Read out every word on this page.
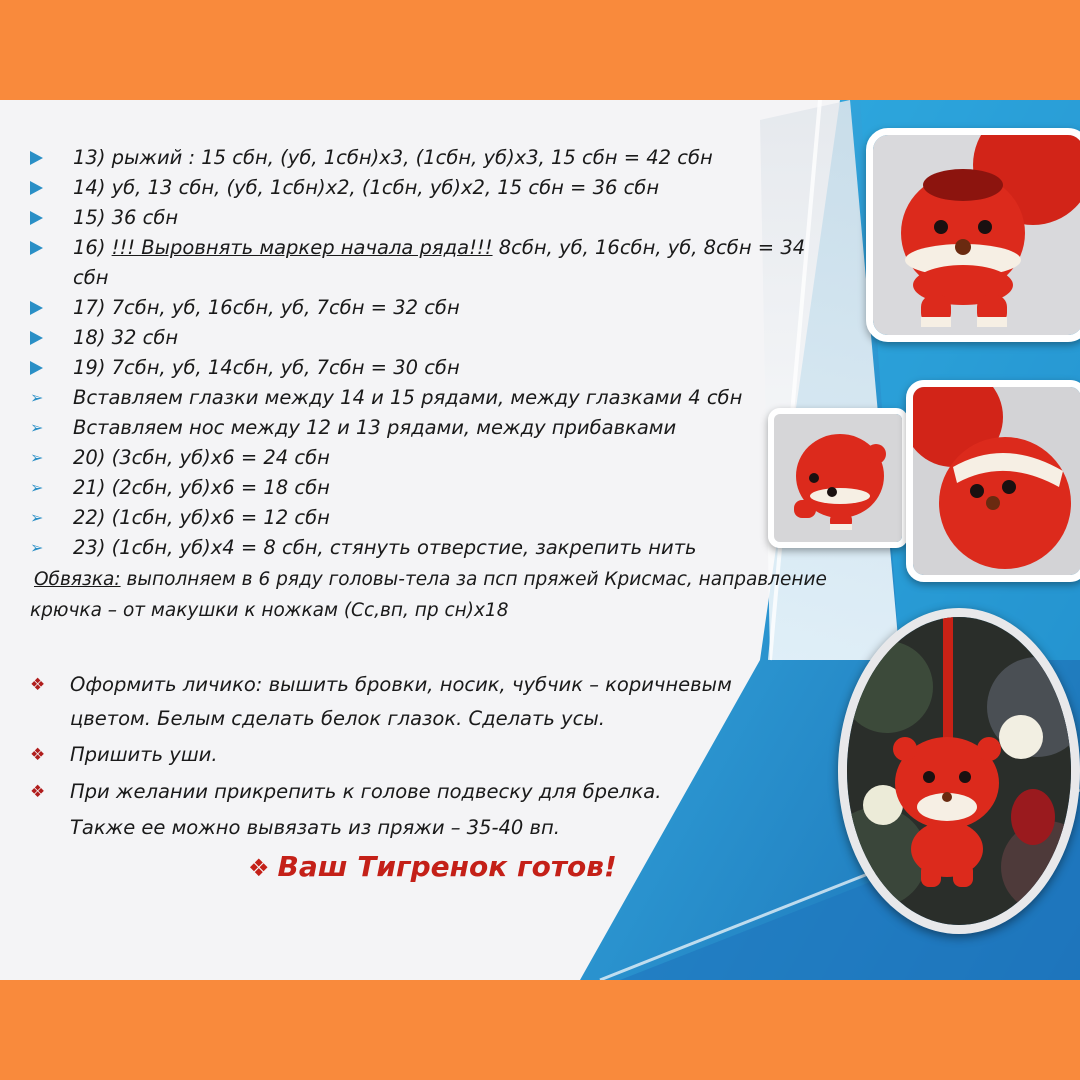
13) рыжий : 15 сбн, (уб, 1сбн)х3, (1сбн, уб)х3, 15 сбн = 42 сбн
14) уб, 13 сбн, (уб, 1сбн)х2, (1сбн, уб)х2, 15 сбн = 36 сбн
15) 36 сбн
16) !!! Выровнять маркер начала ряда!!! 8сбн, уб, 16сбн, уб, 8сбн = 34
сбн
17) 7сбн, уб, 16сбн, уб, 7сбн = 32 сбн
18) 32 сбн
19) 7сбн, уб, 14сбн, уб, 7сбн = 30 сбн
➢ Вставляем глазки между 14 и 15 рядами, между глазками 4 сбн
➢ Вставляем нос между 12 и 13 рядами, между прибавками
➢ 20) (3сбн, уб)х6 = 24 сбн
➢ 21) (2сбн, уб)х6 = 18 сбн
➢ 22) (1сбн, уб)х6 = 12 сбн
➢ 23) (1сбн, уб)х4 = 8 сбн, стянуть отверстие, закрепить нить
Обвязка: выполняем в 6 ряду головы-тела за псп пряжей Крисмас, направление
крючка – от макушки к ножкам (Сс,вп, пр сн)х18
❖ Оформить личико: вышить бровки, носик, чубчик – коричневым
цветом. Белым сделать белок глазок. Сделать усы.
❖ Пришить уши.
❖ При желании прикрепить к голове подвеску для брелка.
Также ее можно вывязать из пряжи – 35-40 вп.
❖ Ваш Тигренок готов!
